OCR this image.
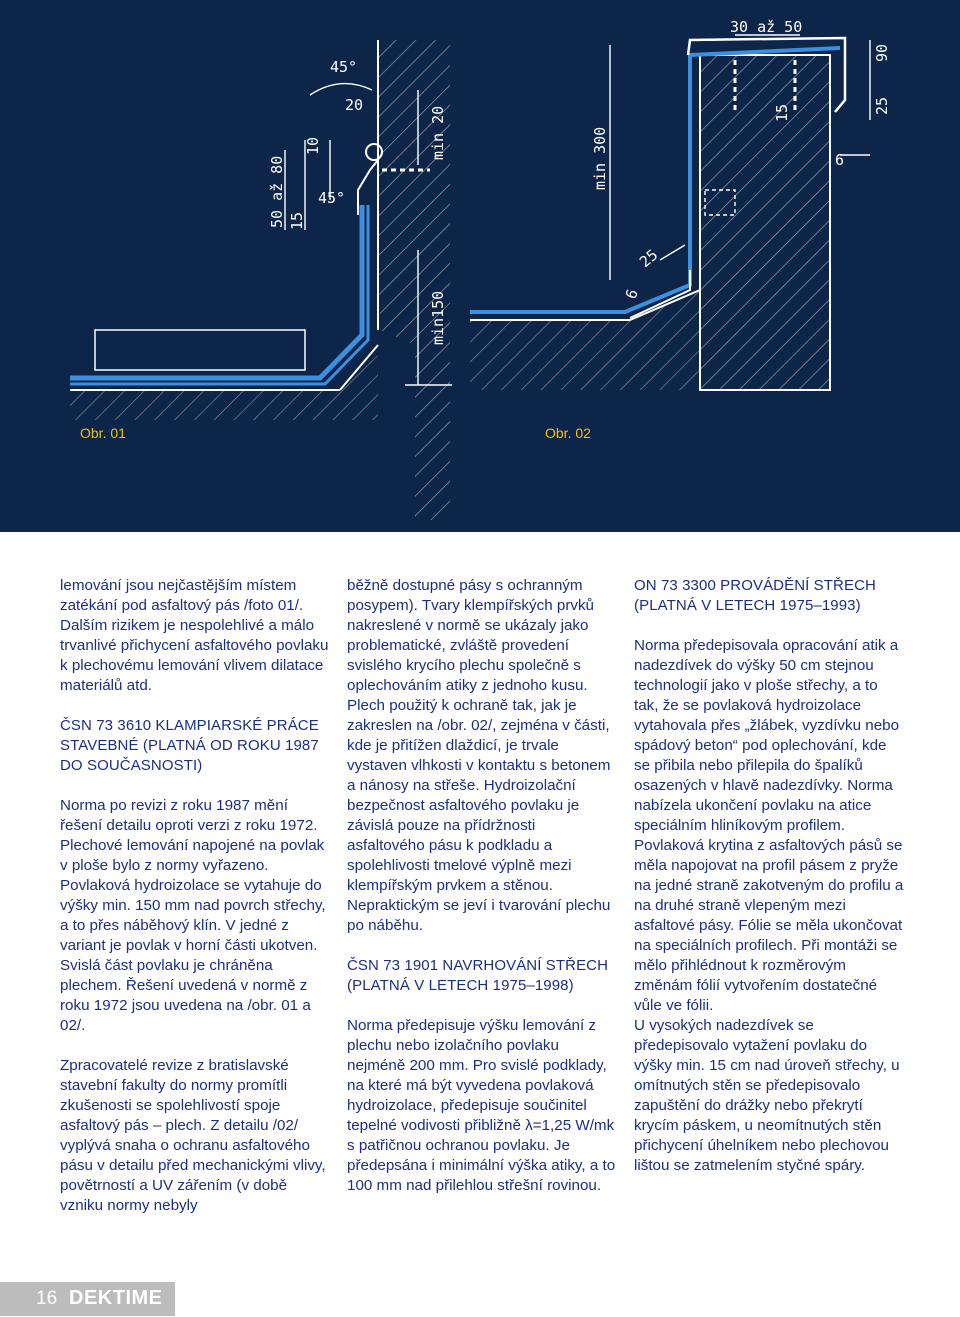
50 až 80 15
10
45°
20
45°
min 20
min150
30 až 50
90
25
15
6
min 300
25
6
Obr. 01	Obr. 02

lemování jsou nejčastějším místem zatékání pod asfaltový pás /foto 01/. Dalším rizikem je nespolehlivé a málo trvanlivé přichycení asfaltového povlaku k plechovému lemování vlivem dilatace materiálů atd.

ČSN 73 3610 KLAMPIARSKÉ PRÁCE STAVEBNÉ (PLATNÁ OD ROKU 1987 DO SOUČASNOSTI)

Norma po revizi z roku 1987 mění řešení detailu oproti verzi z roku 1972. Plechové lemování napojené na povlak v ploše bylo z normy vyřazeno. Povlaková hydroizolace se vytahuje do výšky min. 150 mm nad povrch střechy, a to přes náběhový klín. V jedné z variant je povlak v horní části ukotven. Svislá část povlaku je chráněna plechem. Řešení uvedená v normě z roku 1972 jsou uvedena na /obr. 01 a 02/.

Zpracovatelé revize z bratislavské stavební fakulty do normy promítli zkušenosti se spolehlivostí spoje asfaltový pás – plech. Z detailu /02/ vyplývá snaha o ochranu asfaltového pásu v detailu před mechanickými vlivy, povětrností a UV zářením (v době vzniku normy nebyly

běžně dostupné pásy s ochranným posypem). Tvary klempířských prvků nakreslené v normě se ukázaly jako problematické, zvláště provedení svislého krycího plechu společně s oplechováním atiky z jednoho kusu.

Plech použitý k ochraně tak, jak je zakreslen na /obr. 02/, zejména v části, kde je přitížen dlaždicí, je trvale vystaven vlhkosti v kontaktu s betonem a nánosy na střeše. Hydroizolační bezpečnost asfaltového povlaku je závislá pouze na přídržnosti asfaltového pásu k podkladu a spolehlivosti tmelové výplně mezi klempířským prvkem a stěnou. Nepraktickým se jeví i tvarování plechu po náběhu.

ČSN 73 1901 NAVRHOVÁNÍ STŘECH (PLATNÁ V LETECH 1975–1998)

Norma předepisuje výšku lemování z plechu nebo izolačního povlaku nejméně 200 mm. Pro svislé podklady, na které má být vyvedena povlaková hydroizolace, předepisuje součinitel tepelné vodivosti přibližně λ=1,25 W/mk s patřičnou ochranou povlaku. Je předepsána i minimální výška atiky, a to 100 mm nad přilehlou střešní rovinou.

ON 73 3300 PROVÁDĚNÍ STŘECH (PLATNÁ V LETECH 1975–1993)

Norma předepisovala opracování atik a nadezdívek do výšky 50 cm stejnou technologií jako v ploše střechy, a to tak, že se povlaková hydroizolace vytahovala přes „žlábek, vyzdívku nebo spádový beton“ pod oplechování, kde se přibila nebo přilepila do špalíků osazených v hlavě nadezdívky. Norma nabízela ukončení povlaku na atice speciálním hliníkovým profilem. Povlaková krytina z asfaltových pásů se měla napojovat na profil pásem z pryže na jedné straně zakotveným do profilu a na druhé straně vlepeným mezi asfaltové pásy. Fólie se měla ukončovat na speciálních profilech. Při montáži se mělo přihlédnout k rozměrovým změnám fólií vytvořením dostatečné vůle ve fólii.

U vysokých nadezdívek se předepisovalo vytažení povlaku do výšky min. 15 cm nad úroveň střechy, u omítnutých stěn se předepisovalo zapuštění do drážky nebo překrytí krycím páskem, u neomítnutých stěn přichycení úhelníkem nebo plechovou lištou se zatmelením styčné spáry.

16 DEKTIME
